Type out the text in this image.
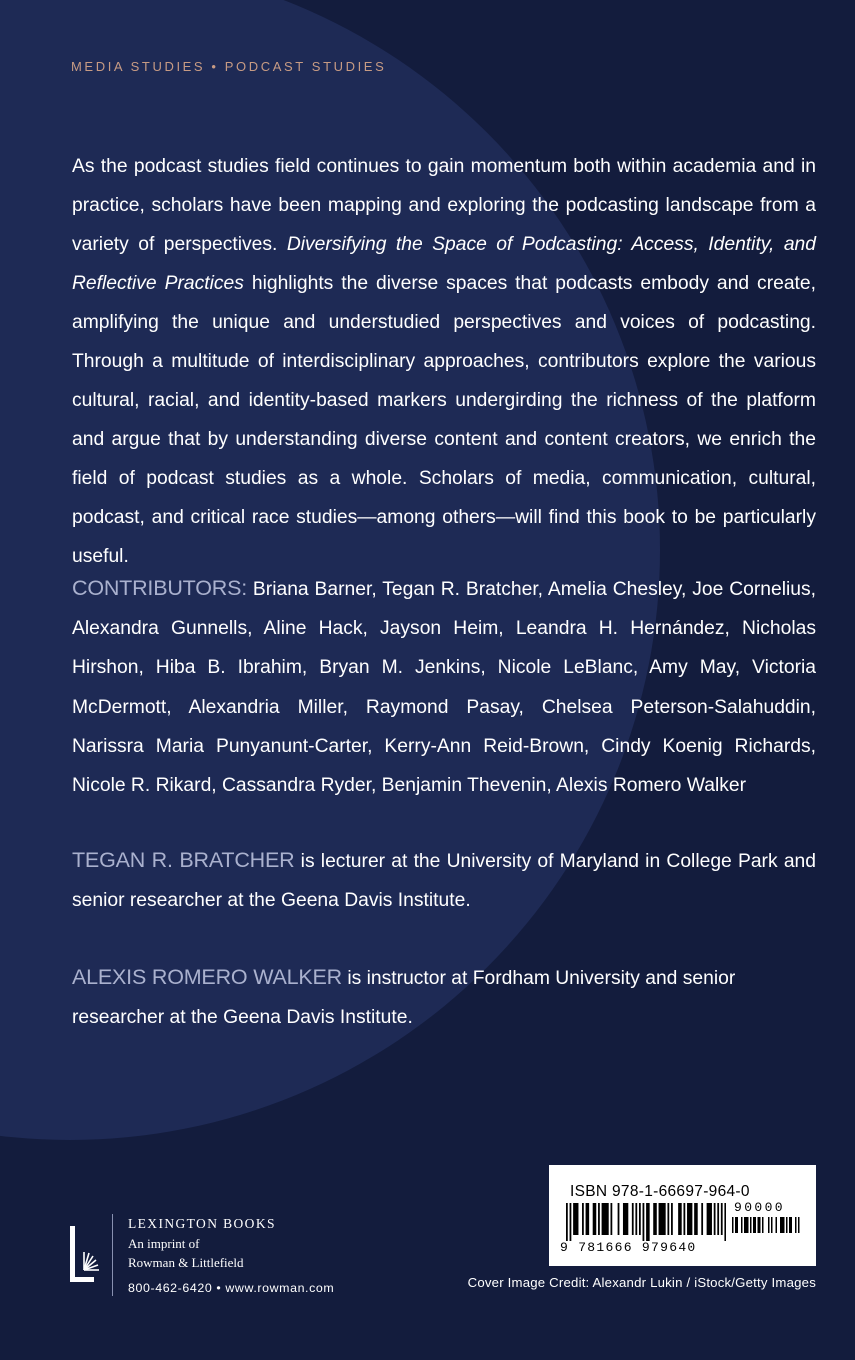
MEDIA STUDIES • PODCAST STUDIES
As the podcast studies field continues to gain momentum both within academia and in practice, scholars have been mapping and exploring the podcasting landscape from a variety of perspectives. Diversifying the Space of Podcasting: Access, Identity, and Reflective Practices highlights the diverse spaces that podcasts embody and create, amplifying the unique and understudied perspectives and voices of podcasting. Through a multitude of interdisciplinary approaches, contributors explore the various cultural, racial, and identity-based markers undergirding the richness of the platform and argue that by understanding diverse content and content creators, we enrich the field of podcast studies as a whole. Scholars of media, communication, cultural, podcast, and critical race studies—among others—will find this book to be particularly useful.
CONTRIBUTORS: Briana Barner, Tegan R. Bratcher, Amelia Chesley, Joe Cornelius, Alexandra Gunnells, Aline Hack, Jayson Heim, Leandra H. Hernández, Nicholas Hirshon, Hiba B. Ibrahim, Bryan M. Jenkins, Nicole LeBlanc, Amy May, Victoria McDermott, Alexandria Miller, Raymond Pasay, Chelsea Peterson-Salahuddin, Narissra Maria Punyanunt-Carter, Kerry-Ann Reid-Brown, Cindy Koenig Richards, Nicole R. Rikard, Cassandra Ryder, Benjamin Thevenin, Alexis Romero Walker
TEGAN R. BRATCHER is lecturer at the University of Maryland in College Park and senior researcher at the Geena Davis Institute.
ALEXIS ROMERO WALKER is instructor at Fordham University and senior researcher at the Geena Davis Institute.
LEXINGTON BOOKS
An imprint of
Rowman & Littlefield
800-462-6420 • www.rowman.com
ISBN 978-1-66697-964-0
90000
9 781666 979640
Cover Image Credit: Alexandr Lukin / iStock/Getty Images
